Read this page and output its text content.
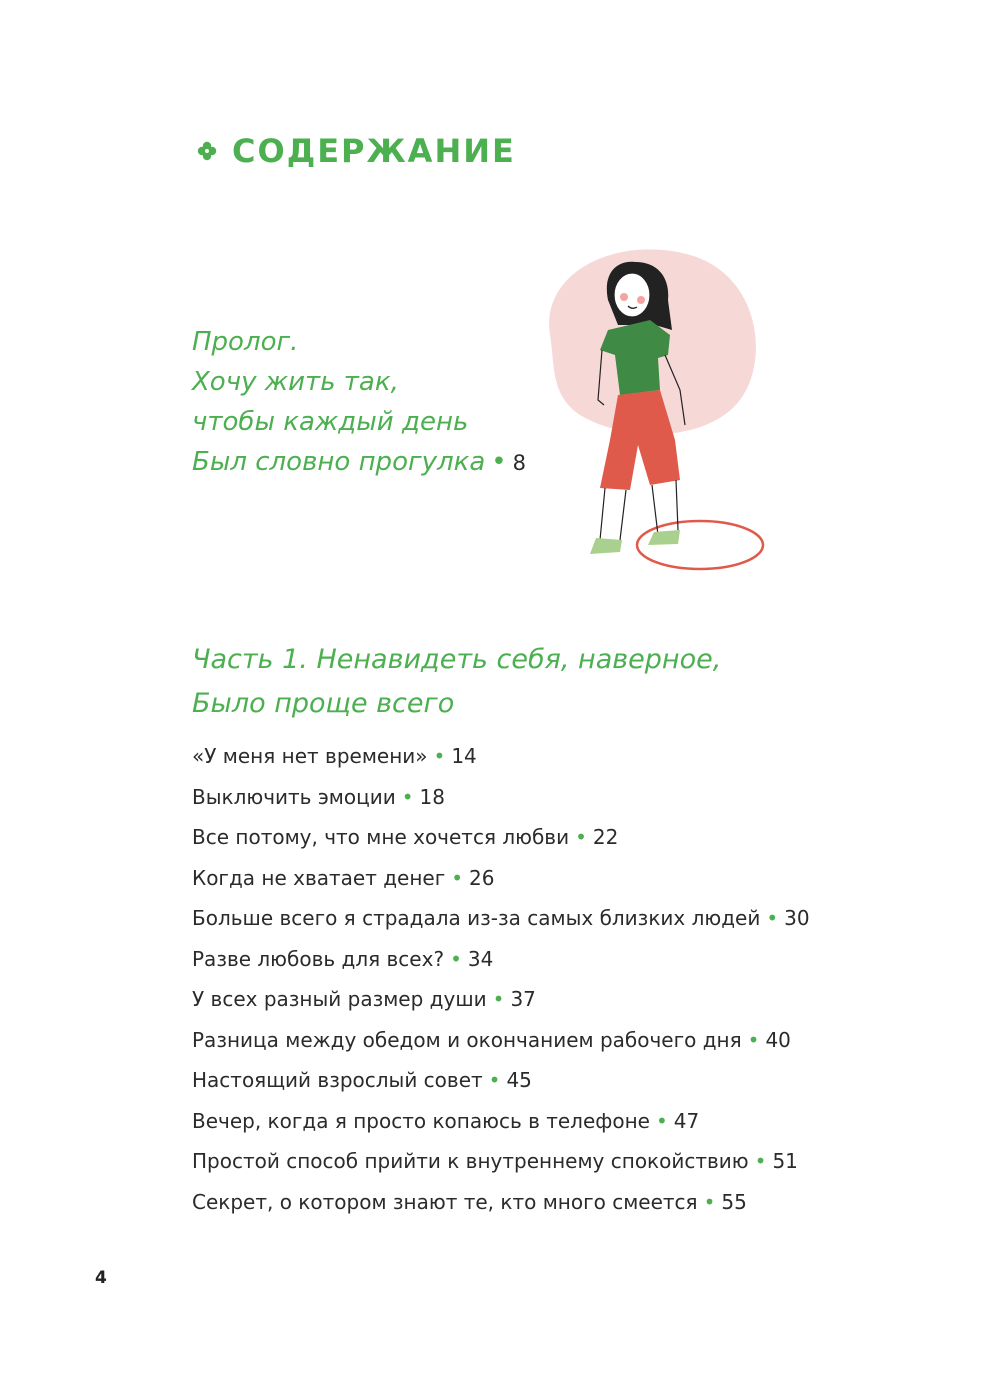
СОДЕРЖАНИЕ
Пролог.
Хочу жить так,
чтобы каждый день
Был словно прогулка • 8
Часть 1. Ненавидеть себя, наверное,
Было проще всего
«У меня нет времени» • 14
Выключить эмоции • 18
Все потому, что мне хочется любви • 22
Когда не хватает денег • 26
Больше всего я страдала из-за самых близких людей • 30
Разве любовь для всех? • 34
У всех разный размер души • 37
Разница между обедом и окончанием рабочего дня • 40
Настоящий взрослый совет • 45
Вечер, когда я просто копаюсь в телефоне • 47
Простой способ прийти к внутреннему спокойствию • 51
Секрет, о котором знают те, кто много смеется • 55
4
